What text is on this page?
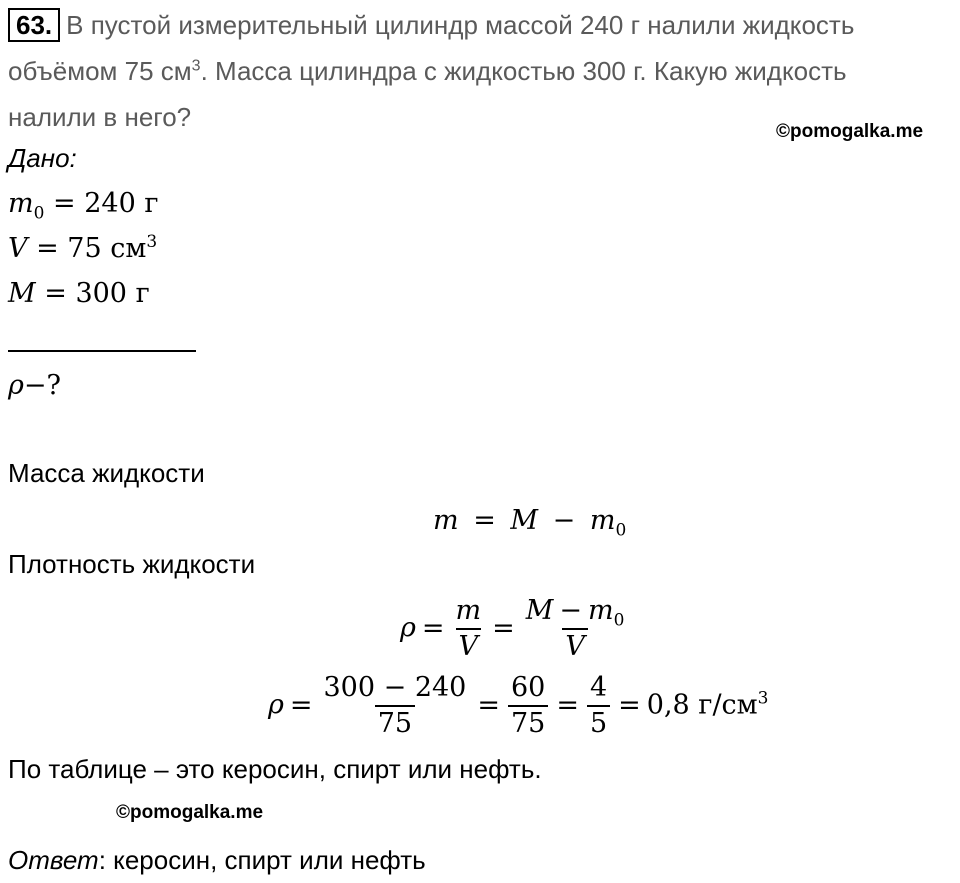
63. В пустой измерительный цилиндр массой 240 г налили жидкость
объёмом 75 $см^3$. Масса цилиндра с жидкостью 300 г. Какую жидкость
налили в него?	©pomogalka.me
Дано:
$m_0 = 240$ г
V = 75 $см^3$
M = 300 г
ρ−?
Масса жидкости
$m = M - m_0$
Плотность жидкости
$\rho = \frac{m}{V} = \frac{M - m_0}{V}$
$\rho = \frac{300 - 240}{75} = \frac{60}{75} = \frac{4}{5} = 0,8$ $г/см^3$
По таблице – это керосин, спирт или нефть.
©pomogalka.me
Ответ: керосин, спирт или нефть
